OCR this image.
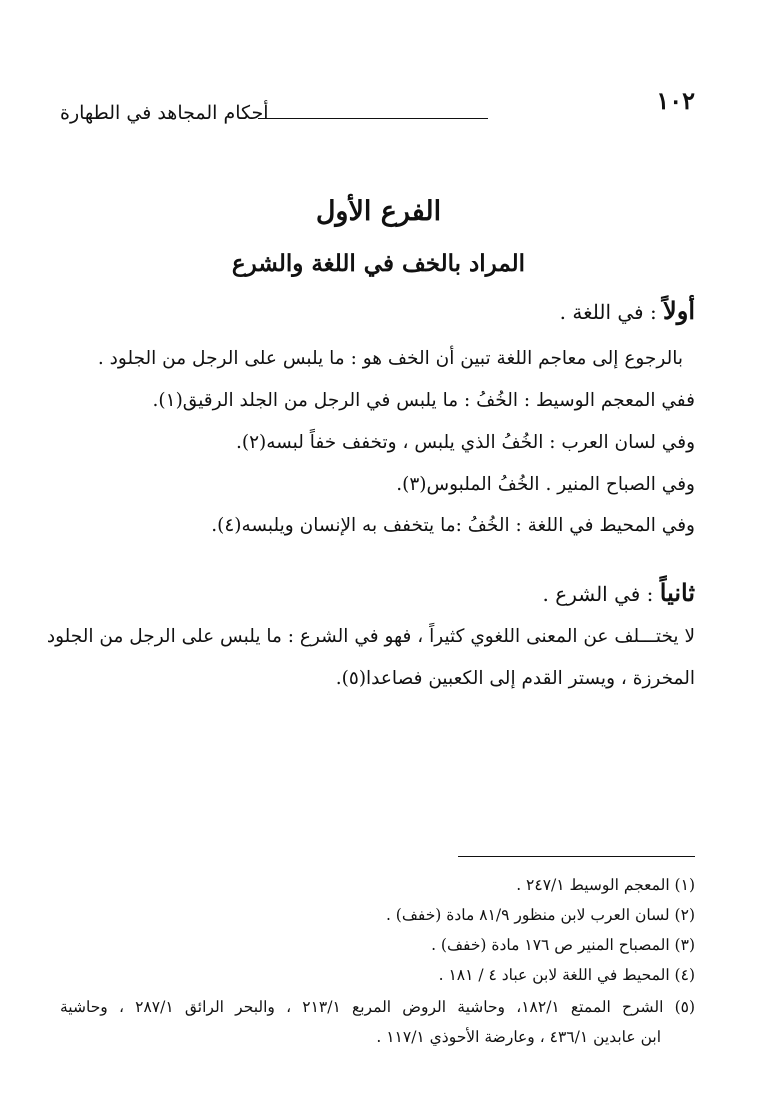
١٠٢
أحكام المجاهد في الطهارة
الفرع الأول
المراد بالخف في اللغة والشرع
أولاً : في اللغة .
بالرجوع إلى معاجم اللغة تبين أن الخف هو : ما يلبس على الرجل من الجلود .
ففي المعجم الوسيط : الخُفُ : ما يلبس في الرجل من الجلد الرقيق(١).
وفي لسان العرب : الخُفُ الذي يلبس ، وتخفف خفاً لبسه(٢).
وفي الصباح المنير . الخُفُ الملبوس(٣).
وفي المحيط في اللغة : الخُفُ :ما يتخفف به الإنسان ويلبسه(٤).
ثانياً : في الشرع .
لا يختـــلف عن المعنى اللغوي كثيراً ، فهو في الشرع : ما يلبس على الرجل من الجلود
المخرزة ، ويستر القدم إلى الكعبين فصاعدا(٥).
(١) المعجم الوسيط ٢٤٧/١ .
(٢) لسان العرب لابن منظور ٨١/٩ مادة (خفف) .
(٣) المصباح المنير ص ١٧٦ مادة (خفف) .
(٤) المحيط في اللغة لابن عباد ٤ / ١٨١ .
(٥) الشرح الممتع ١٨٢/١، وحاشية الروض المربع ٢١٣/١ ، والبحر الرائق ٢٨٧/١ ، وحاشية
ابن عابدين ٤٣٦/١ ، وعارضة الأحوذي ١١٧/١ .
